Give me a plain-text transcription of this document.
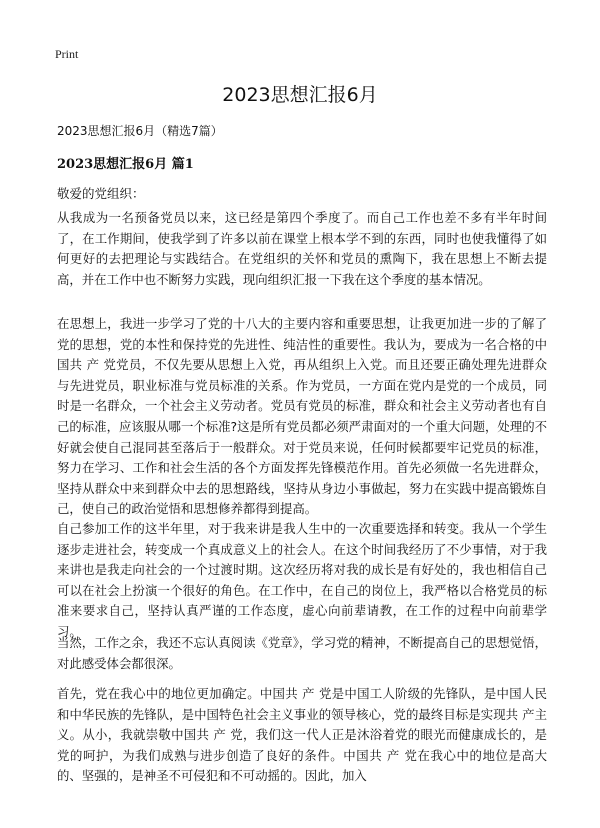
Print
2023思想汇报6月
2023思想汇报6月（精选7篇）
2023思想汇报6月 篇1
敬爱的党组织：

从我成为一名预备党员以来，这已经是第四个季度了。而自己工作也差不多有半年时间了，在工作期间，使我学到了许多以前在课堂上根本学不到的东西，同时也使我懂得了如何更好的去把理论与实践结合。在党组织的关怀和党员的熏陶下，我在思想上不断去提高，并在工作中也不断努力实践，现向组织汇报一下我在这个季度的基本情况。

在思想上，我进一步学习了党的十八大的主要内容和重要思想，让我更加进一步的了解了党的思想，党的本性和保持党的先进性、纯洁性的重要性。我认为，要成为一名合格的中国共 产 党党员，不仅先要从思想上入党，再从组织上入党。而且还要正确处理先进群众与先进党员，职业标准与党员标准的关系。作为党员，一方面在党内是党的一个成员，同时是一名群众，一个社会主义劳动者。党员有党员的标准，群众和社会主义劳动者也有自己的标准，应该服从哪一个标准?这是所有党员都必须严肃面对的一个重大问题，处理的不好就会使自己混同甚至落后于一般群众。对于党员来说，任何时候都要牢记党员的标准，努力在学习、工作和社会生活的各个方面发挥先锋模范作用。首先必须做一名先进群众，坚持从群众中来到群众中去的思想路线，坚持从身边小事做起，努力在实践中提高锻炼自己，使自己的政治觉悟和思想修养都得到提高。

自己参加工作的这半年里，对于我来讲是我人生中的一次重要选择和转变。我从一个学生逐步走进社会，转变成一个真成意义上的社会人。在这个时间我经历了不少事情，对于我来讲也是我走向社会的一个过渡时期。这次经历将对我的成长是有好处的，我也相信自己可以在社会上扮演一个很好的角色。在工作中，在自己的岗位上，我严格以合格党员的标准来要求自己，坚持认真严谨的工作态度，虚心向前辈请教，在工作的过程中向前辈学习。

当然，工作之余，我还不忘认真阅读《党章》，学习党的精神，不断提高自己的思想觉悟，对此感受体会都很深。

首先，党在我心中的地位更加确定。中国共 产 党是中国工人阶级的先锋队，是中国人民和中华民族的先锋队，是中国特色社会主义事业的领导核心，党的最终目标是实现共 产主义。从小，我就崇敬中国共 产 党，我们这一代人正是沐浴着党的眼光而健康成长的，是党的呵护，为我们成熟与进步创造了良好的条件。中国共 产 党在我心中的地位是高大的、坚强的，是神圣不可侵犯和不可动摇的。因此，加入
